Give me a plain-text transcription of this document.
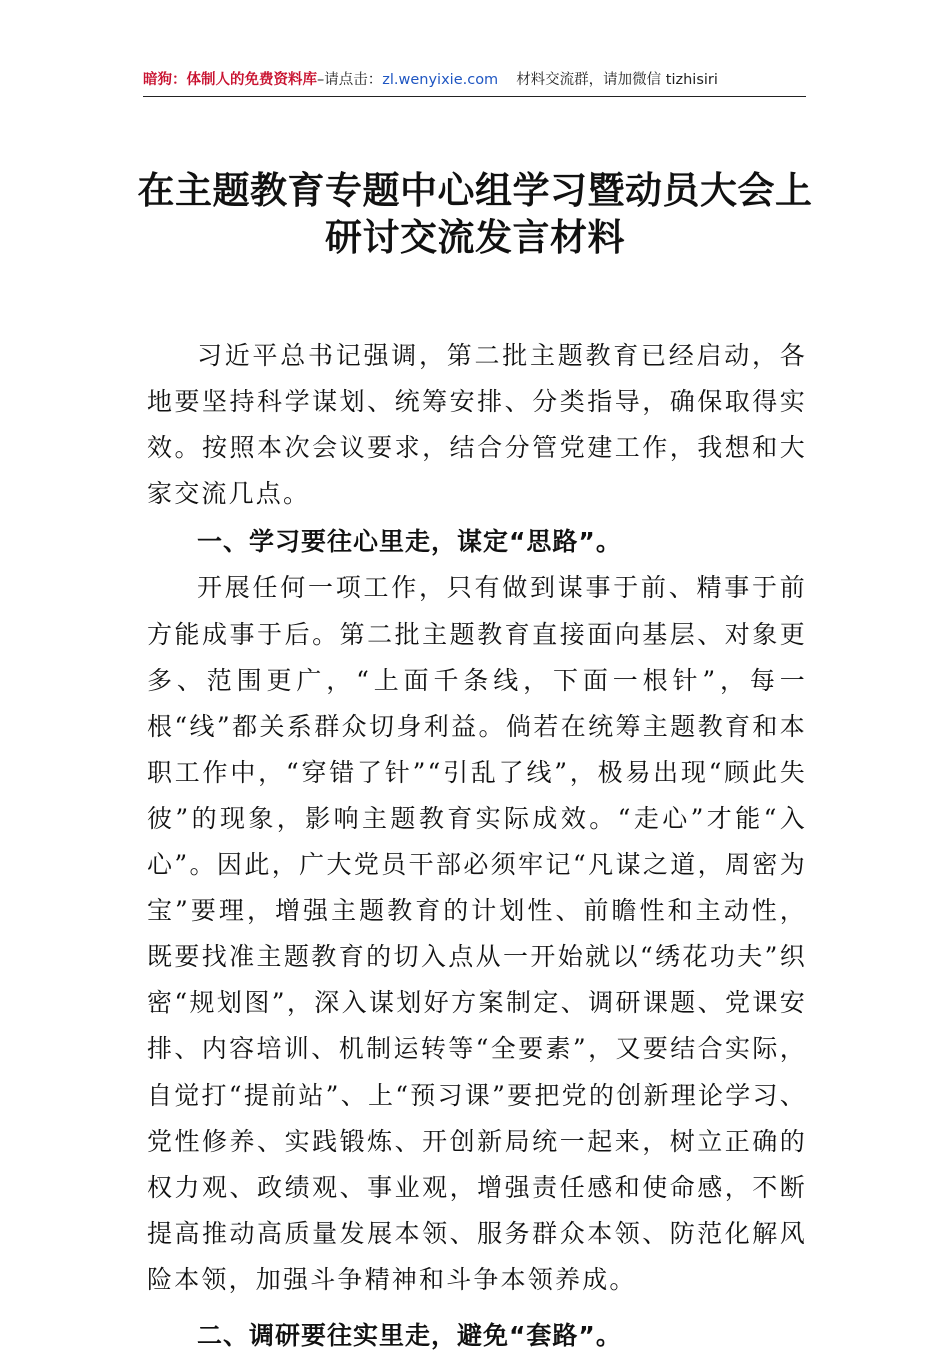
暗狗：体制人的免费资料库–请点击：zl.wenyixie.com 材料交流群，请加微信 tizhisiri
在主题教育专题中心组学习暨动员大会上
研讨交流发言材料

习近平总书记强调，第二批主题教育已经启动，各地要坚持科学谋划、统筹安排、分类指导，确保取得实效。按照本次会议要求，结合分管党建工作，我想和大家交流几点。

一、学习要往心里走，谋定“思路”。

开展任何一项工作，只有做到谋事于前、精事于前方能成事于后。第二批主题教育直接面向基层、对象更多、范围更广，“上面千条线，下面一根针”，每一根“线”都关系群众切身利益。倘若在统筹主题教育和本职工作中，“穿错了针”“引乱了线”，极易出现“顾此失彼”的现象，影响主题教育实际成效。“走心”才能“入心”。因此，广大党员干部必须牢记“凡谋之道，周密为宝”要理，增强主题教育的计划性、前瞻性和主动性，既要找准主题教育的切入点从一开始就以“绣花功夫”织密“规划图”，深入谋划好方案制定、调研课题、党课安排、内容培训、机制运转等“全要素”，又要结合实际，自觉打“提前站”、上“预习课”要把党的创新理论学习、党性修养、实践锻炼、开创新局统一起来，树立正确的权力观、政绩观、事业观，增强责任感和使命感，不断提高推动高质量发展本领、服务群众本领、防范化解风险本领，加强斗争精神和斗争本领养成。

二、调研要往实里走，避免“套路”。
